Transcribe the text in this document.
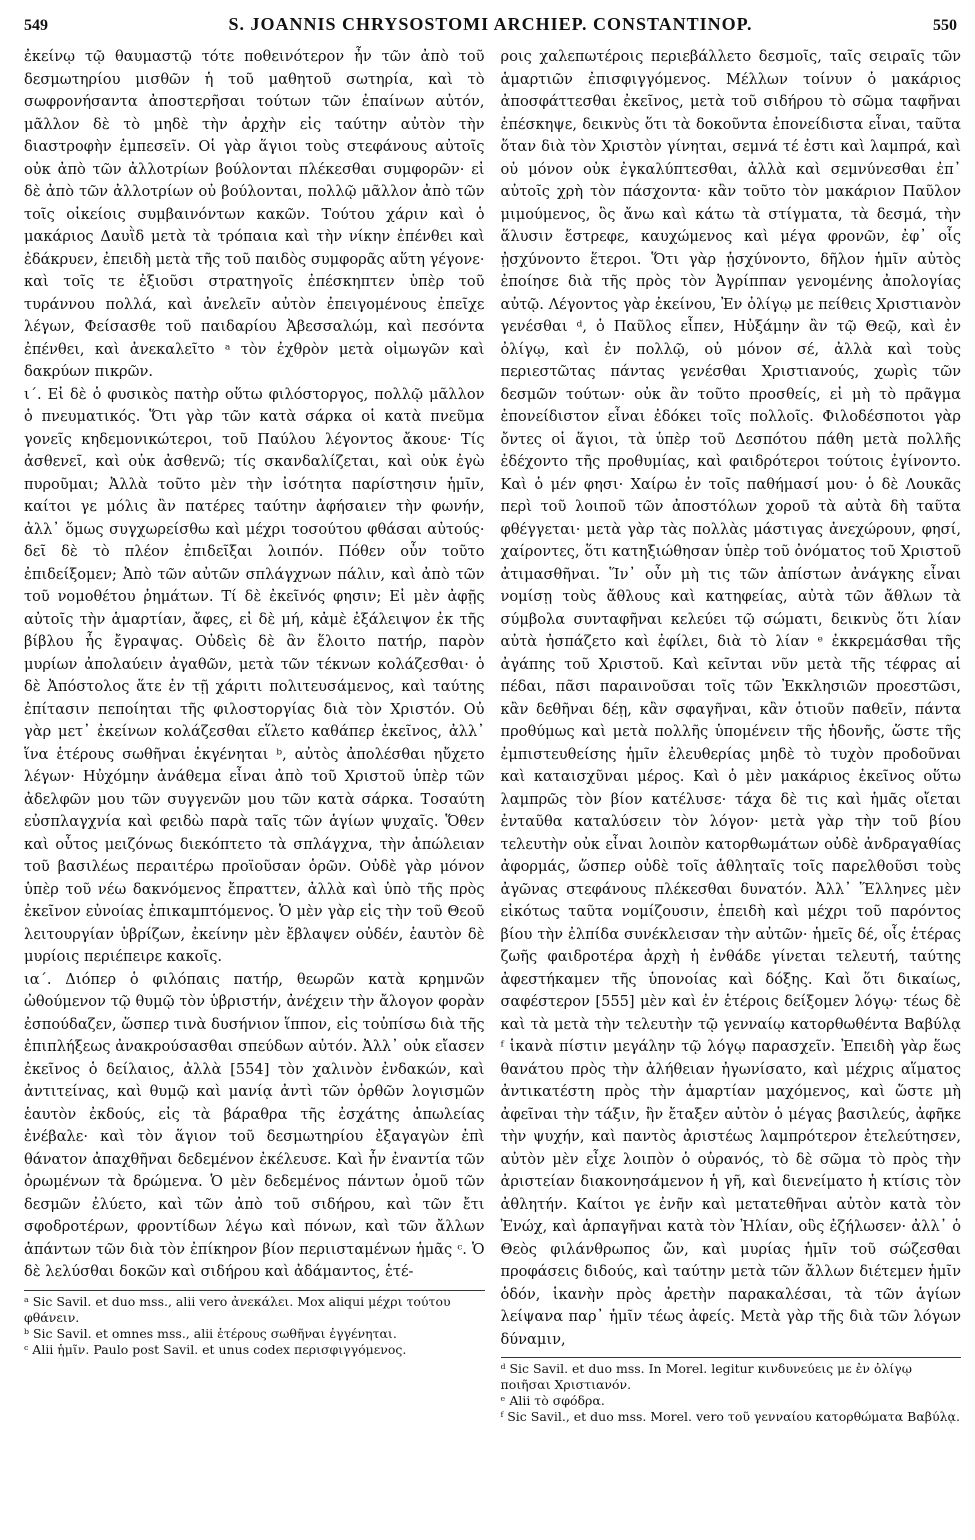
549	S. JOANNIS CHRYSOSTOMI ARCHIEP. CONSTANTINOP.	550

ἐκείνῳ τῷ θαυμαστῷ τότε ποθεινότερον ἦν τῶν ἀπὸ τοῦ δεσμωτηρίου μισθῶν ἡ τοῦ μαθητοῦ σωτηρία, καὶ τὸ σωφρονήσαντα ἀποστερῆσαι τούτων τῶν ἐπαίνων αὐτόν, μᾶλλον δὲ τὸ μηδὲ τὴν ἀρχὴν εἰς ταύτην αὐτὸν τὴν διαστροφὴν ἐμπεσεῖν. Οἱ γὰρ ἅγιοι τοὺς στεφάνους αὐτοῖς οὐκ ἀπὸ τῶν ἀλλοτρίων βούλονται πλέκεσθαι συμφορῶν· εἰ δὲ ἀπὸ τῶν ἀλλοτρίων οὐ βούλονται, πολλῷ μᾶλλον ἀπὸ τῶν τοῖς οἰκείοις συμβαινόντων κακῶν. Τούτου χάριν καὶ ὁ μακάριος Δαυῒδ μετὰ τὰ τρόπαια καὶ τὴν νίκην ἐπένθει καὶ ἐδάκρυεν, ἐπειδὴ μετὰ τῆς τοῦ παιδὸς συμφορᾶς αὕτη γέγονε· καὶ τοῖς τε ἐξιοῦσι στρατηγοῖς ἐπέσκηπτεν ὑπὲρ τοῦ τυράννου πολλά, καὶ ἀνελεῖν αὐτὸν ἐπειγομένους ἐπεῖχε λέγων, Φείσασθε τοῦ παιδαρίου Ἀβεσσαλώμ, καὶ πεσόντα ἐπένθει, καὶ ἀνεκαλεῖτο ᵃ τὸν ἐχθρὸν μετὰ οἰμωγῶν καὶ δακρύων πικρῶν.

ι΄. Εἰ δὲ ὁ φυσικὸς πατὴρ οὕτω φιλόστοργος, πολλῷ μᾶλλον ὁ πνευματικός. Ὅτι γὰρ τῶν κατὰ σάρκα οἱ κατὰ πνεῦμα γονεῖς κηδεμονικώτεροι, τοῦ Παύλου λέγοντος ἄκουε· Τίς ἀσθενεῖ, καὶ οὐκ ἀσθενῶ; τίς σκανδαλίζεται, καὶ οὐκ ἐγὼ πυροῦμαι; Ἀλλὰ τοῦτο μὲν τὴν ἰσότητα παρίστησιν ἡμῖν, καίτοι γε μόλις ἂν πατέρες ταύτην ἀφήσαιεν τὴν φωνήν, ἀλλ᾽ ὅμως συγχωρείσθω καὶ μέχρι τοσούτου φθάσαι αὐτούς· δεῖ δὲ τὸ πλέον ἐπιδεῖξαι λοιπόν. Πόθεν οὖν τοῦτο ἐπιδείξομεν; Ἀπὸ τῶν αὐτῶν σπλάγχνων πάλιν, καὶ ἀπὸ τῶν τοῦ νομοθέτου ῥημάτων. Τί δὲ ἐκεῖνός φησιν; Εἰ μὲν ἀφῇς αὐτοῖς τὴν ἁμαρτίαν, ἄφες, εἰ δὲ μή, κἀμὲ ἐξάλειψον ἐκ τῆς βίβλου ἧς ἔγραψας. Οὐδεὶς δὲ ἂν ἕλοιτο πατήρ, παρὸν μυρίων ἀπολαύειν ἀγαθῶν, μετὰ τῶν τέκνων κολάζεσθαι· ὁ δὲ Ἀπόστολος ἅτε ἐν τῇ χάριτι πολιτευσάμενος, καὶ ταύτης ἐπίτασιν πεποίηται τῆς φιλοστοργίας διὰ τὸν Χριστόν. Οὐ γὰρ μετ᾽ ἐκείνων κολάζεσθαι εἵλετο καθάπερ ἐκεῖνος, ἀλλ᾽ ἵνα ἑτέρους σωθῆναι ἐκγένηται ᵇ, αὐτὸς ἀπολέσθαι ηὔχετο λέγων· Ηὐχόμην ἀνάθεμα εἶναι ἀπὸ τοῦ Χριστοῦ ὑπὲρ τῶν ἀδελφῶν μου τῶν συγγενῶν μου τῶν κατὰ σάρκα. Τοσαύτη εὐσπλαγχνία καὶ φειδὼ παρὰ ταῖς τῶν ἁγίων ψυχαῖς. Ὅθεν καὶ οὗτος μειζόνως διεκόπτετο τὰ σπλάγχνα, τὴν ἀπώλειαν τοῦ βασιλέως περαιτέρω προϊοῦσαν ὁρῶν. Οὐδὲ γὰρ μόνον ὑπὲρ τοῦ νέω δακνόμενος ἔπραττεν, ἀλλὰ καὶ ὑπὸ τῆς πρὸς ἐκεῖνον εὐνοίας ἐπικαμπτόμενος. Ὁ μὲν γὰρ εἰς τὴν τοῦ Θεοῦ λειτουργίαν ὑβρίζων, ἐκείνην μὲν ἔβλαψεν οὐδέν, ἑαυτὸν δὲ μυρίοις περιέπειρε κακοῖς.

ια΄. Διόπερ ὁ φιλόπαις πατήρ, θεωρῶν κατὰ κρημνῶν ὠθούμενον τῷ θυμῷ τὸν ὑβριστήν, ἀνέχειν τὴν ἄλογον φορὰν ἐσπούδαζεν, ὥσπερ τινὰ δυσήνιον ἵππον, εἰς τοὐπίσω διὰ τῆς ἐπιπλήξεως ἀνακρούσασθαι σπεύδων αὐτόν. Ἀλλ᾽ οὐκ εἴασεν ἐκεῖνος ὁ δείλαιος, ἀλλὰ [554] τὸν χαλινὸν ἐνδακών, καὶ ἀντιτείνας, καὶ θυμῷ καὶ μανίᾳ ἀντὶ τῶν ὀρθῶν λογισμῶν ἑαυτὸν ἐκδούς, εἰς τὰ βάραθρα τῆς ἐσχάτης ἀπωλείας ἐνέβαλε· καὶ τὸν ἅγιον τοῦ δεσμωτηρίου ἐξαγαγὼν ἐπὶ θάνατον ἀπαχθῆναι δεδεμένον ἐκέλευσε. Καὶ ἦν ἐναντία τῶν ὁρωμένων τὰ δρώμενα. Ὁ μὲν δεδεμένος πάντων ὁμοῦ τῶν δεσμῶν ἐλύετο, καὶ τῶν ἀπὸ τοῦ σιδήρου, καὶ τῶν ἔτι σφοδροτέρων, φροντίδων λέγω καὶ πόνων, καὶ τῶν ἄλλων ἁπάντων τῶν διὰ τὸν ἐπίκηρον βίον περιισταμένων ἡμᾶς ᶜ. Ὁ δὲ λελύσθαι δοκῶν καὶ σιδήρου καὶ ἀδάμαντος, ἑτέ-

ᵃ Sic Savil. et duo mss., alii vero ἀνεκάλει. Mox aliqui μέχρι τούτου φθάνειν.

ᵇ Sic Savil. et omnes mss., alii ἑτέρους σωθῆναι ἐγγένηται.

ᶜ Alii ἡμῖν. Paulo post Savil. et unus codex περισφιγγόμενος.

ροις χαλεπωτέροις περιεβάλλετο δεσμοῖς, ταῖς σειραῖς τῶν ἁμαρτιῶν ἐπισφιγγόμενος. Μέλλων τοίνυν ὁ μακάριος ἀποσφάττεσθαι ἐκεῖνος, μετὰ τοῦ σιδήρου τὸ σῶμα ταφῆναι ἐπέσκηψε, δεικνὺς ὅτι τὰ δοκοῦντα ἐπονείδιστα εἶναι, ταῦτα ὅταν διὰ τὸν Χριστὸν γίνηται, σεμνά τέ ἐστι καὶ λαμπρά, καὶ οὐ μόνον οὐκ ἐγκαλύπτεσθαι, ἀλλὰ καὶ σεμνύνεσθαι ἐπ᾽ αὐτοῖς χρὴ τὸν πάσχοντα· κἂν τοῦτο τὸν μακάριον Παῦλον μιμούμενος, ὃς ἄνω καὶ κάτω τὰ στίγματα, τὰ δεσμά, τὴν ἅλυσιν ἔστρεφε, καυχώμενος καὶ μέγα φρονῶν, ἐφ᾽ οἷς ᾐσχύνοντο ἕτεροι. Ὅτι γὰρ ᾐσχύνοντο, δῆλον ἡμῖν αὐτὸς ἐποίησε διὰ τῆς πρὸς τὸν Ἀγρίππαν γενομένης ἀπολογίας αὐτῷ. Λέγοντος γὰρ ἐκείνου, Ἐν ὀλίγῳ με πείθεις Χριστιανὸν γενέσθαι ᵈ, ὁ Παῦλος εἶπεν, Ηὐξάμην ἂν τῷ Θεῷ, καὶ ἐν ὀλίγῳ, καὶ ἐν πολλῷ, οὐ μόνον σέ, ἀλλὰ καὶ τοὺς περιεστῶτας πάντας γενέσθαι Χριστιανούς, χωρὶς τῶν δεσμῶν τούτων· οὐκ ἂν τοῦτο προσθείς, εἰ μὴ τὸ πρᾶγμα ἐπονείδιστον εἶναι ἐδόκει τοῖς πολλοῖς. Φιλοδέσποτοι γὰρ ὄντες οἱ ἅγιοι, τὰ ὑπὲρ τοῦ Δεσπότου πάθη μετὰ πολλῆς ἐδέχοντο τῆς προθυμίας, καὶ φαιδρότεροι τούτοις ἐγίνοντο. Καὶ ὁ μέν φησι· Χαίρω ἐν τοῖς παθήμασί μου· ὁ δὲ Λουκᾶς περὶ τοῦ λοιποῦ τῶν ἀποστόλων χοροῦ τὰ αὐτὰ δὴ ταῦτα φθέγγεται· μετὰ γὰρ τὰς πολλὰς μάστιγας ἀνεχώρουν, φησί, χαίροντες, ὅτι κατηξιώθησαν ὑπὲρ τοῦ ὀνόματος τοῦ Χριστοῦ ἀτιμασθῆναι. Ἵν᾽ οὖν μὴ τις τῶν ἀπίστων ἀνάγκης εἶναι νομίσῃ τοὺς ἄθλους καὶ κατηφείας, αὐτὰ τῶν ἄθλων τὰ σύμβολα συνταφῆναι κελεύει τῷ σώματι, δεικνὺς ὅτι λίαν αὐτὰ ἠσπάζετο καὶ ἐφίλει, διὰ τὸ λίαν ᵉ ἐκκρεμάσθαι τῆς ἀγάπης τοῦ Χριστοῦ. Καὶ κεῖνται νῦν μετὰ τῆς τέφρας αἱ πέδαι, πᾶσι παραινοῦσαι τοῖς τῶν Ἐκκλησιῶν προεστῶσι, κἂν δεθῆναι δέῃ, κἂν σφαγῆναι, κἂν ὁτιοῦν παθεῖν, πάντα προθύμως καὶ μετὰ πολλῆς ὑπομένειν τῆς ἡδονῆς, ὥστε τῆς ἐμπιστευθείσης ἡμῖν ἐλευθερίας μηδὲ τὸ τυχὸν προδοῦναι καὶ καταισχῦναι μέρος. Καὶ ὁ μὲν μακάριος ἐκεῖνος οὕτω λαμπρῶς τὸν βίον κατέλυσε· τάχα δὲ τις καὶ ἡμᾶς οἴεται ἐνταῦθα καταλύσειν τὸν λόγον· μετὰ γὰρ τὴν τοῦ βίου τελευτὴν οὐκ εἶναι λοιπὸν κατορθωμάτων οὐδὲ ἀνδραγαθίας ἀφορμάς, ὥσπερ οὐδὲ τοῖς ἀθληταῖς τοῖς παρελθοῦσι τοὺς ἀγῶνας στεφάνους πλέκεσθαι δυνατόν. Ἀλλ᾽ Ἕλληνες μὲν εἰκότως ταῦτα νομίζουσιν, ἐπειδὴ καὶ μέχρι τοῦ παρόντος βίου τὴν ἐλπίδα συνέκλεισαν τὴν αὐτῶν· ἡμεῖς δέ, οἷς ἑτέρας ζωῆς φαιδροτέρα ἀρχὴ ἡ ἐνθάδε γίνεται τελευτή, ταύτης ἀφεστήκαμεν τῆς ὑπονοίας καὶ δόξης. Καὶ ὅτι δικαίως, σαφέστερον [555] μὲν καὶ ἐν ἑτέροις δείξομεν λόγῳ· τέως δὲ καὶ τὰ μετὰ τὴν τελευτὴν τῷ γενναίῳ κατορθωθέντα Βαβύλᾳ ᶠ ἱκανὰ πίστιν μεγάλην τῷ λόγῳ παρασχεῖν. Ἐπειδὴ γὰρ ἕως θανάτου πρὸς τὴν ἀλήθειαν ἠγωνίσατο, καὶ μέχρις αἵματος ἀντικατέστη πρὸς τὴν ἁμαρτίαν μαχόμενος, καὶ ὥστε μὴ ἀφεῖναι τὴν τάξιν, ἣν ἔταξεν αὐτὸν ὁ μέγας βασιλεύς, ἀφῆκε τὴν ψυχήν, καὶ παντὸς ἀριστέως λαμπρότερον ἐτελεύτησεν, αὐτὸν μὲν εἶχε λοιπὸν ὁ οὐρανός, τὸ δὲ σῶμα τὸ πρὸς τὴν ἀριστείαν διακονησάμενον ἡ γῆ, καὶ διενείματο ἡ κτίσις τὸν ἀθλητήν. Καίτοι γε ἐνῆν καὶ μετατεθῆναι αὐτὸν κατὰ τὸν Ἐνώχ, καὶ ἁρπαγῆναι κατὰ τὸν Ἠλίαν, οὓς ἐζήλωσεν· ἀλλ᾽ ὁ Θεὸς φιλάνθρωπος ὤν, καὶ μυρίας ἡμῖν τοῦ σώζεσθαι προφάσεις διδούς, καὶ ταύτην μετὰ τῶν ἄλλων διέτεμεν ἡμῖν ὁδόν, ἱκανὴν πρὸς ἀρετὴν παρακαλέσαι, τὰ τῶν ἁγίων λείψανα παρ᾽ ἡμῖν τέως ἀφείς. Μετὰ γὰρ τῆς διὰ τῶν λόγων δύναμιν,

ᵈ Sic Savil. et duo mss. In Morel. legitur κινδυνεύεις με ἐν ὀλίγῳ ποιῆσαι Χριστιανόν.

ᵉ Alii τὸ σφόδρα.

ᶠ Sic Savil., et duo mss. Morel. vero τοῦ γενναίου κατορθώματα Βαβύλᾳ.
